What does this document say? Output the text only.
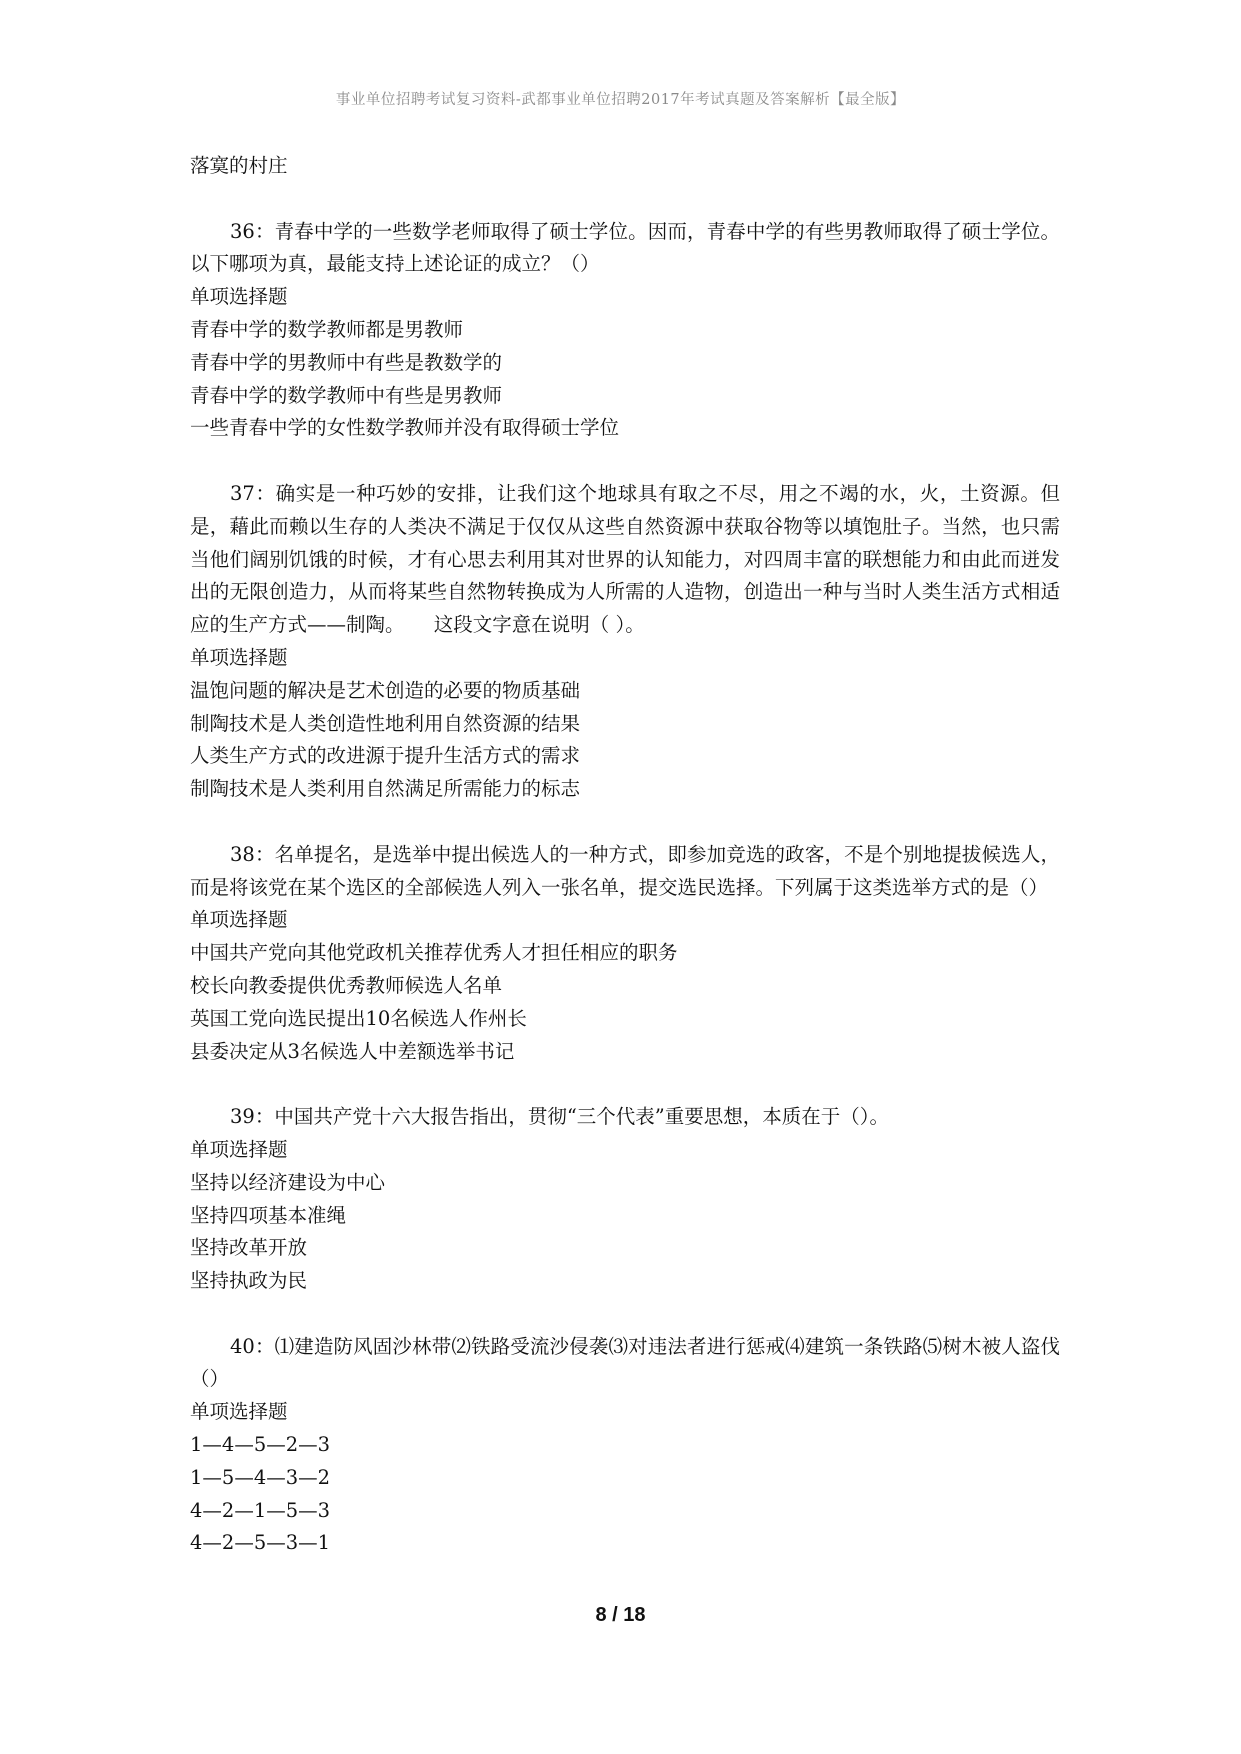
事业单位招聘考试复习资料-武都事业单位招聘2017年考试真题及答案解析【最全版】

落寞的村庄

36：青春中学的一些数学老师取得了硕士学位。因而，青春中学的有些男教师取得了硕士学位。以下哪项为真，最能支持上述论证的成立？（）

单项选择题

青春中学的数学教师都是男教师

青春中学的男教师中有些是教数学的

青春中学的数学教师中有些是男教师

一些青春中学的女性数学教师并没有取得硕士学位

37：确实是一种巧妙的安排，让我们这个地球具有取之不尽，用之不竭的水，火，土资源。但是，藉此而赖以生存的人类决不满足于仅仅从这些自然资源中获取谷物等以填饱肚子。当然，也只需当他们阔别饥饿的时候，才有心思去利用其对世界的认知能力，对四周丰富的联想能力和由此而迸发出的无限创造力，从而将某些自然物转换成为人所需的人造物，创造出一种与当时人类生活方式相适应的生产方式——制陶。　　这段文字意在说明（ ）。

单项选择题

温饱问题的解决是艺术创造的必要的物质基础

制陶技术是人类创造性地利用自然资源的结果

人类生产方式的改进源于提升生活方式的需求

制陶技术是人类利用自然满足所需能力的标志

38：名单提名，是选举中提出候选人的一种方式，即参加竞选的政客，不是个别地提拔候选人，而是将该党在某个选区的全部候选人列入一张名单，提交选民选择。下列属于这类选举方式的是（）

单项选择题

中国共产党向其他党政机关推荐优秀人才担任相应的职务

校长向教委提供优秀教师候选人名单

英国工党向选民提出10名候选人作州长

县委决定从3名候选人中差额选举书记

39：中国共产党十六大报告指出，贯彻“三个代表”重要思想，本质在于（）。

单项选择题

坚持以经济建设为中心

坚持四项基本准绳

坚持改革开放

坚持执政为民

40：⑴建造防风固沙林带⑵铁路受流沙侵袭⑶对违法者进行惩戒⑷建筑一条铁路⑸树木被人盗伐（）

单项选择题

1—4—5—2—3

1—5—4—3—2

4—2—1—5—3

4—2—5—3—1

8 / 18
